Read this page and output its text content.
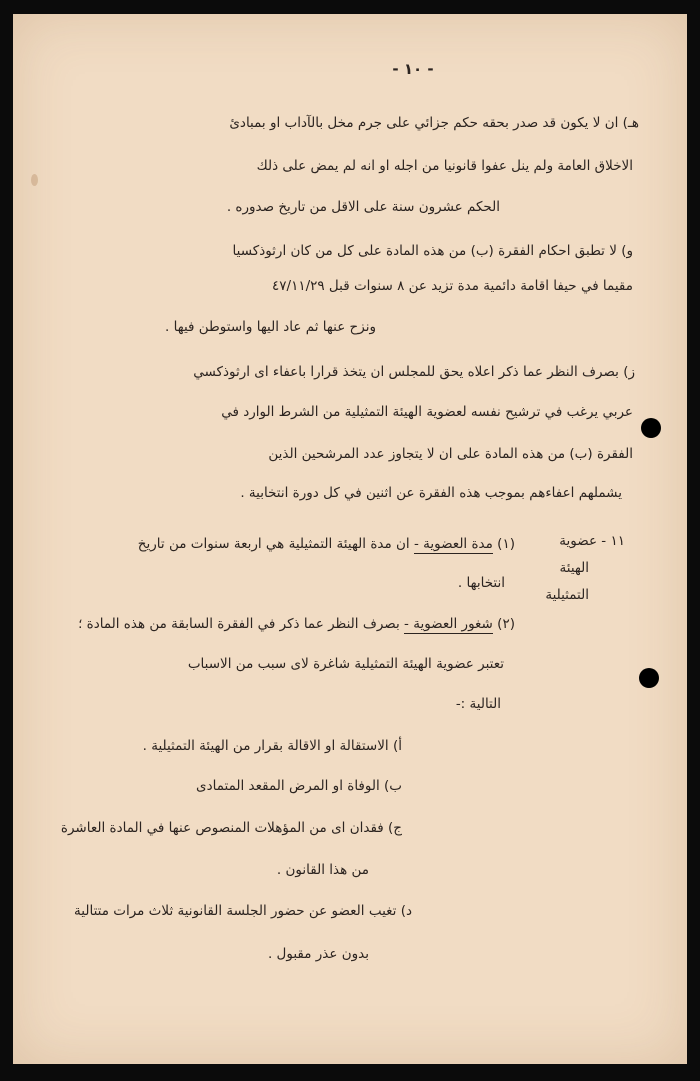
- ١٠ -
هـ) ان لا يكون قد صدر بحقه حكم جزائي على جرم مخل بالآداب او بمبادئ
الاخلاق العامة ولم ينل عفوا قانونيا من اجله او انه لم يمض على ذلك
الحكم عشرون سنة على الاقل من تاريخ صدوره .
و) لا تطبق احكام الفقرة (ب) من هذه المادة على كل من كان ارثوذكسيا
مقيما في حيفا اقامة دائمية مدة تزيد عن ٨ سنوات قبل ٤٧/١١/٢٩
ونزح عنها ثم عاد اليها واستوطن فيها .
ز) بصرف النظر عما ذكر اعلاه يحق للمجلس ان يتخذ قرارا باعفاء اى ارثوذكسي
عربي يرغب في ترشيح نفسه لعضوية الهيئة التمثيلية من الشرط الوارد في
الفقرة (ب) من هذه المادة على ان لا يتجاوز عدد المرشحين الذين
يشملهم اعفاءهم بموجب هذه الفقرة عن اثنين في كل دورة انتخابية .
١١ - عضوية
الهيئة
التمثيلية
(١) مدة العضوية - ان مدة الهيئة التمثيلية هي اربعة سنوات من تاريخ
انتخابها .
(٢) شغور العضوية - بصرف النظر عما ذكر في الفقرة السابقة من هذه المادة ؛
تعتبر عضوية الهيئة التمثيلية شاغرة لاى سبب من الاسباب
التالية :-
أ) الاستقالة او الاقالة بقرار من الهيئة التمثيلية .
ب) الوفاة او المرض المقعد المتمادى
ج) فقدان اى من المؤهلات المنصوص عنها في المادة العاشرة
من هذا القانون .
د) تغيب العضو عن حضور الجلسة القانونية ثلاث مرات متتالية
بدون عذر مقبول .
